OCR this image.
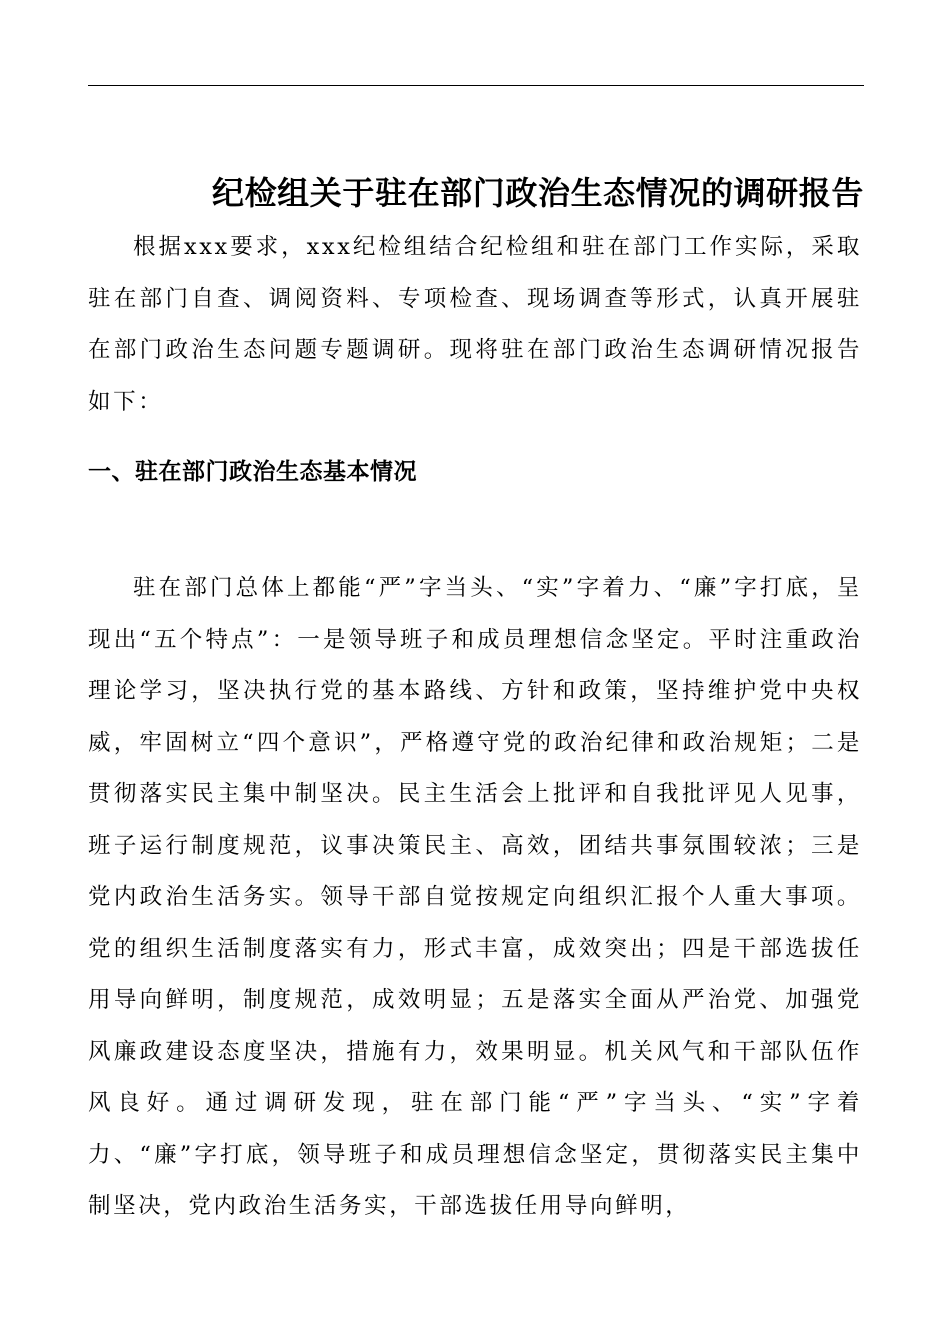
纪检组关于驻在部门政治生态情况的调研报告

根据xxx要求，xxx纪检组结合纪检组和驻在部门工作实际，采取驻在部门自查、调阅资料、专项检查、现场调查等形式，认真开展驻在部门政治生态问题专题调研。现将驻在部门政治生态调研情况报告如下：

一、驻在部门政治生态基本情况

驻在部门总体上都能“严”字当头、“实”字着力、“廉”字打底，呈现出“五个特点”：一是领导班子和成员理想信念坚定。平时注重政治理论学习，坚决执行党的基本路线、方针和政策，坚持维护党中央权威，牢固树立“四个意识”，严格遵守党的政治纪律和政治规矩；二是贯彻落实民主集中制坚决。民主生活会上批评和自我批评见人见事，班子运行制度规范，议事决策民主、高效，团结共事氛围较浓；三是党内政治生活务实。领导干部自觉按规定向组织汇报个人重大事项。党的组织生活制度落实有力，形式丰富，成效突出；四是干部选拔任用导向鲜明，制度规范，成效明显；五是落实全面从严治党、加强党风廉政建设态度坚决，措施有力，效果明显。机关风气和干部队伍作风良好。通过调研发现，驻在部门能“严”字当头、“实”字着力、“廉”字打底，领导班子和成员理想信念坚定，贯彻落实民主集中制坚决，党内政治生活务实，干部选拔任用导向鲜明，
